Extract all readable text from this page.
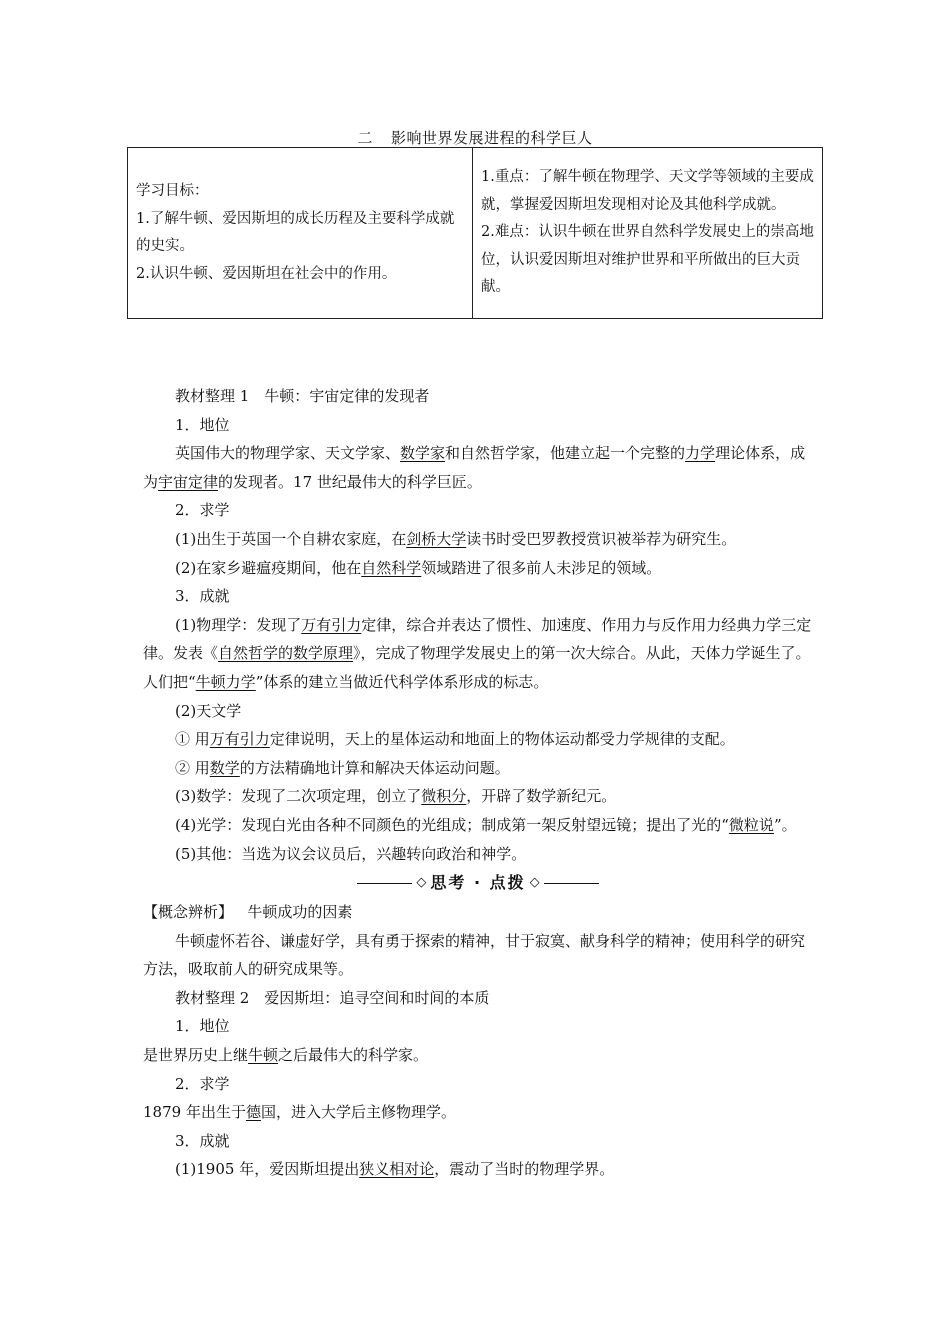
二 影响世界发展进程的科学巨人
学习目标：
1.了解牛顿、爱因斯坦的成长历程及主要科学成就的史实。
2.认识牛顿、爱因斯坦在社会中的作用。

1.重点：了解牛顿在物理学、天文学等领域的主要成就，掌握爱因斯坦发现相对论及其他科学成就。
2.难点：认识牛顿在世界自然科学发展史上的崇高地位，认识爱因斯坦对维护世界和平所做出的巨大贡献。

教材整理 1　牛顿：宇宙定律的发现者

1．地位

英国伟大的物理学家、天文学家、数学家和自然哲学家，他建立起一个完整的力学理论体系，成为宇宙定律的发现者。17 世纪最伟大的科学巨匠。

2．求学

(1)出生于英国一个自耕农家庭，在剑桥大学读书时受巴罗教授赏识被举荐为研究生。

(2)在家乡避瘟疫期间，他在自然科学领域踏进了很多前人未涉足的领域。

3．成就

(1)物理学：发现了万有引力定律，综合并表达了惯性、加速度、作用力与反作用力经典力学三定律。发表《自然哲学的数学原理》，完成了物理学发展史上的第一次大综合。从此，天体力学诞生了。人们把“牛顿力学”体系的建立当做近代科学体系形成的标志。

(2)天文学

① 用万有引力定律说明，天上的星体运动和地面上的物体运动都受力学规律的支配。

② 用数学的方法精确地计算和解决天体运动问题。

(3)数学：发现了二次项定理，创立了微积分，开辟了数学新纪元。

(4)光学：发现白光由各种不同颜色的光组成；制成第一架反射望远镜；提出了光的“微粒说”。

(5)其他：当选为议会议员后，兴趣转向政治和神学。

◇ 思考 · 点拨 ◇

【概念辨析】 牛顿成功的因素

牛顿虚怀若谷、谦虚好学，具有勇于探索的精神，甘于寂寞、献身科学的精神；使用科学的研究方法，吸取前人的研究成果等。

教材整理 2　爱因斯坦：追寻空间和时间的本质

1．地位

是世界历史上继牛顿之后最伟大的科学家。

2．求学

1879 年出生于德国，进入大学后主修物理学。

3．成就

(1)1905 年，爱因斯坦提出狭义相对论，震动了当时的物理学界。
